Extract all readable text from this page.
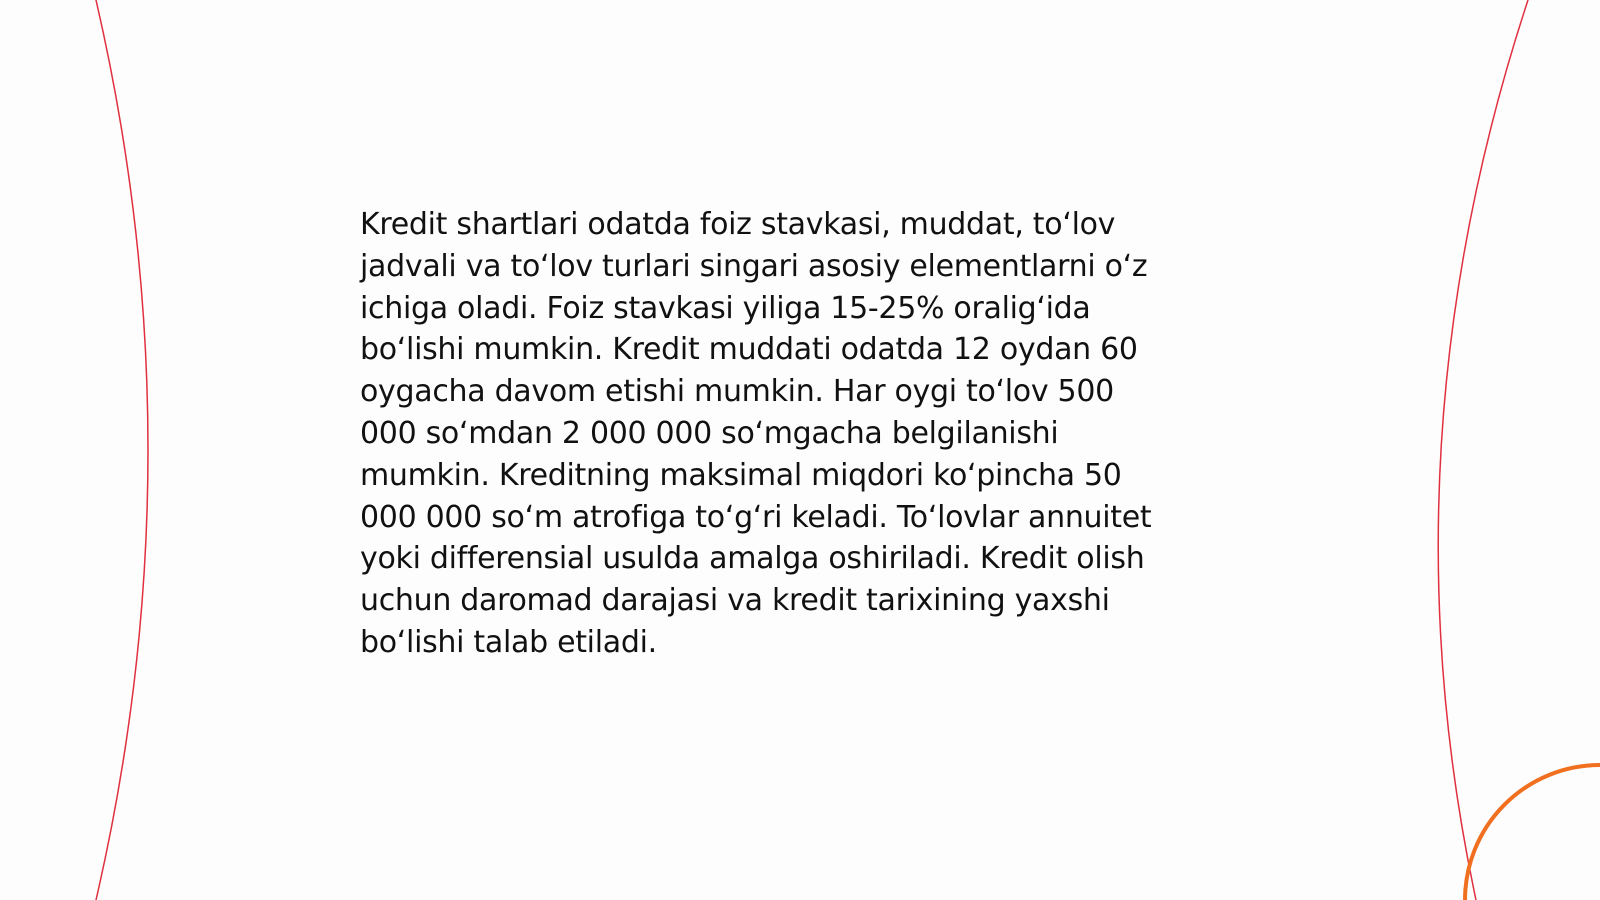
Kredit shartlari odatda foiz stavkasi, muddat, to‘lov
jadvali va to‘lov turlari singari asosiy elementlarni o‘z
ichiga oladi. Foiz stavkasi yiliga 15-25% oralig‘ida
bo‘lishi mumkin. Kredit muddati odatda 12 oydan 60
oygacha davom etishi mumkin. Har oygi to‘lov 500
000 so‘mdan 2 000 000 so‘mgacha belgilanishi
mumkin. Kreditning maksimal miqdori ko‘pincha 50
000 000 so‘m atrofiga to‘g‘ri keladi. To‘lovlar annuitet
yoki differensial usulda amalga oshiriladi. Kredit olish
uchun daromad darajasi va kredit tarixining yaxshi
bo‘lishi talab etiladi.
